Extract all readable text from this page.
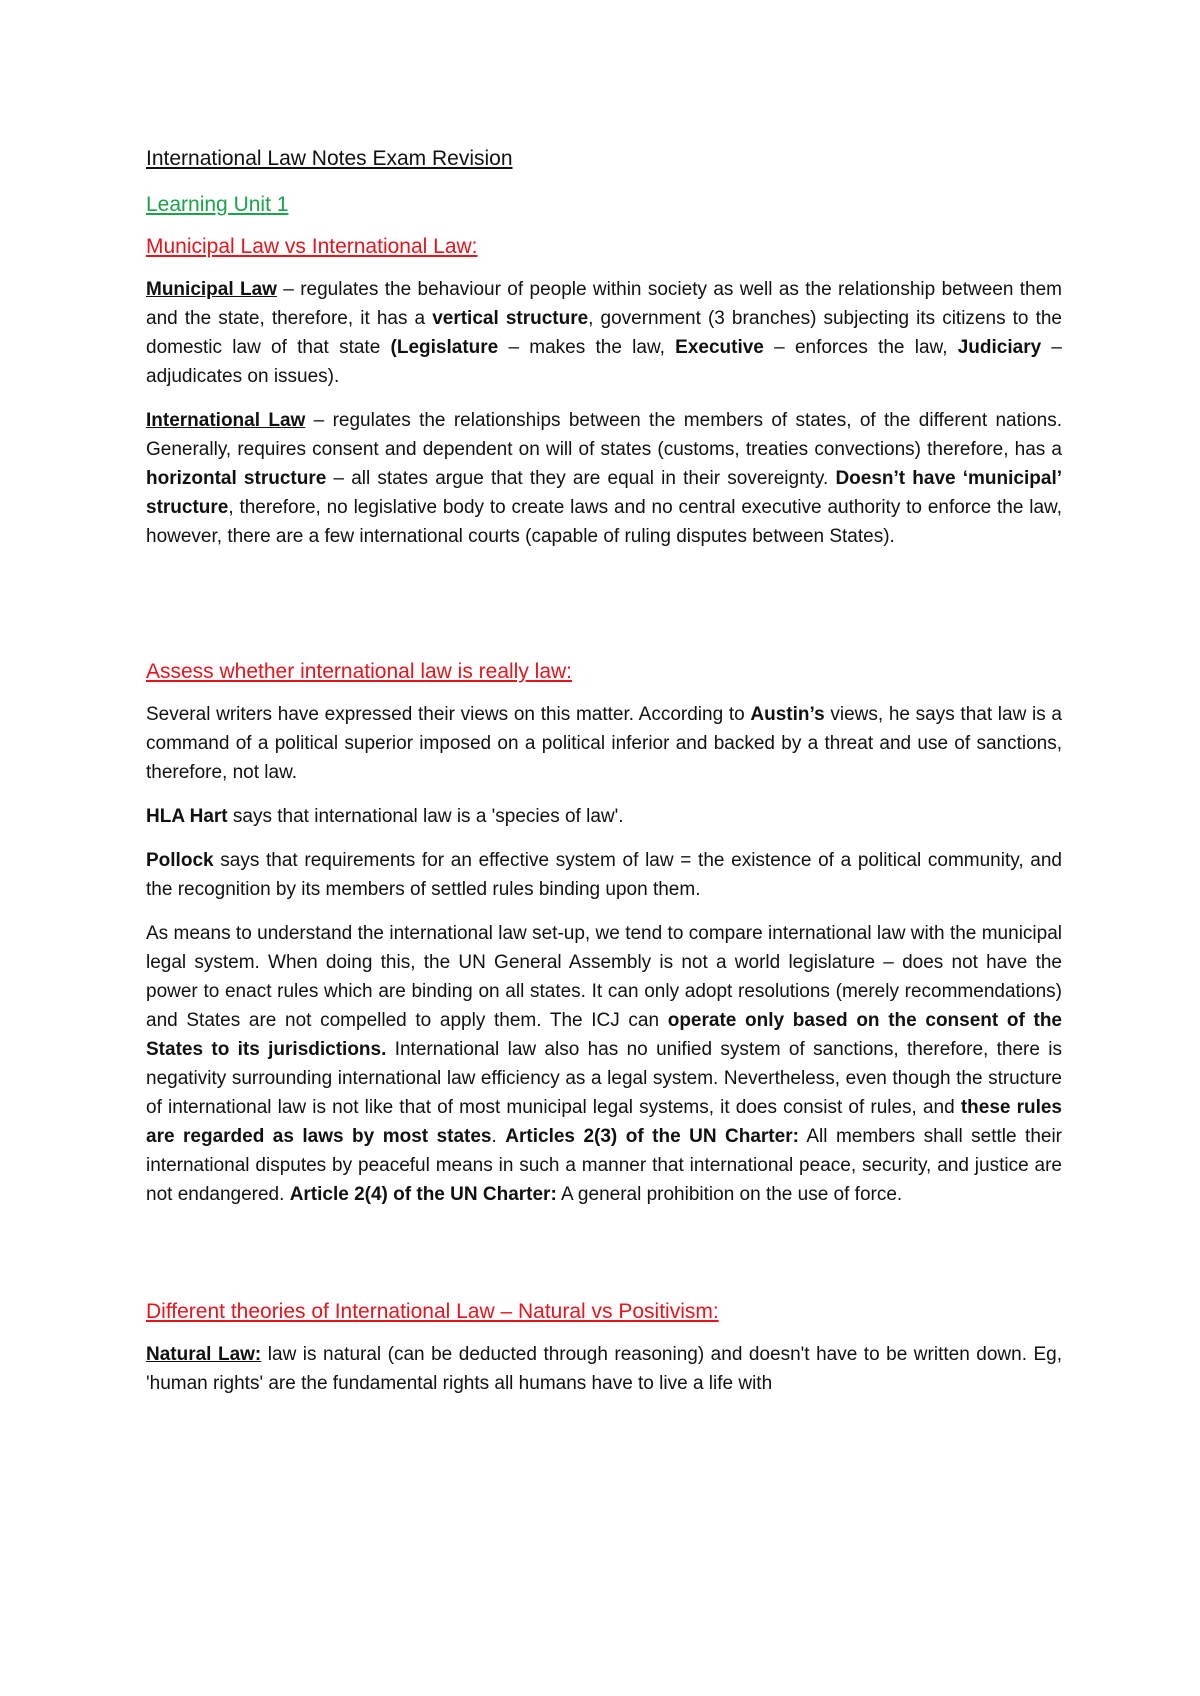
International Law Notes Exam Revision
Learning Unit 1
Municipal Law vs International Law:

Municipal Law – regulates the behaviour of people within society as well as the relationship between them and the state, therefore, it has a vertical structure, government (3 branches) subjecting its citizens to the domestic law of that state (Legislature – makes the law, Executive – enforces the law, Judiciary – adjudicates on issues).

International Law – regulates the relationships between the members of states, of the different nations. Generally, requires consent and dependent on will of states (customs, treaties convections) therefore, has a horizontal structure – all states argue that they are equal in their sovereignty. Doesn’t have ‘municipal’ structure, therefore, no legislative body to create laws and no central executive authority to enforce the law, however, there are a few international courts (capable of ruling disputes between States).

Assess whether international law is really law:

Several writers have expressed their views on this matter. According to Austin’s views, he says that law is a command of a political superior imposed on a political inferior and backed by a threat and use of sanctions, therefore, not law.

HLA Hart says that international law is a 'species of law'.

Pollock says that requirements for an effective system of law = the existence of a political community, and the recognition by its members of settled rules binding upon them.

As means to understand the international law set-up, we tend to compare international law with the municipal legal system. When doing this, the UN General Assembly is not a world legislature – does not have the power to enact rules which are binding on all states. It can only adopt resolutions (merely recommendations) and States are not compelled to apply them. The ICJ can operate only based on the consent of the States to its jurisdictions. International law also has no unified system of sanctions, therefore, there is negativity surrounding international law efficiency as a legal system. Nevertheless, even though the structure of international law is not like that of most municipal legal systems, it does consist of rules, and these rules are regarded as laws by most states. Articles 2(3) of the UN Charter: All members shall settle their international disputes by peaceful means in such a manner that international peace, security, and justice are not endangered. Article 2(4) of the UN Charter: A general prohibition on the use of force.

Different theories of International Law – Natural vs Positivism:

Natural Law: law is natural (can be deducted through reasoning) and doesn't have to be written down. Eg, 'human rights' are the fundamental rights all humans have to live a life with
